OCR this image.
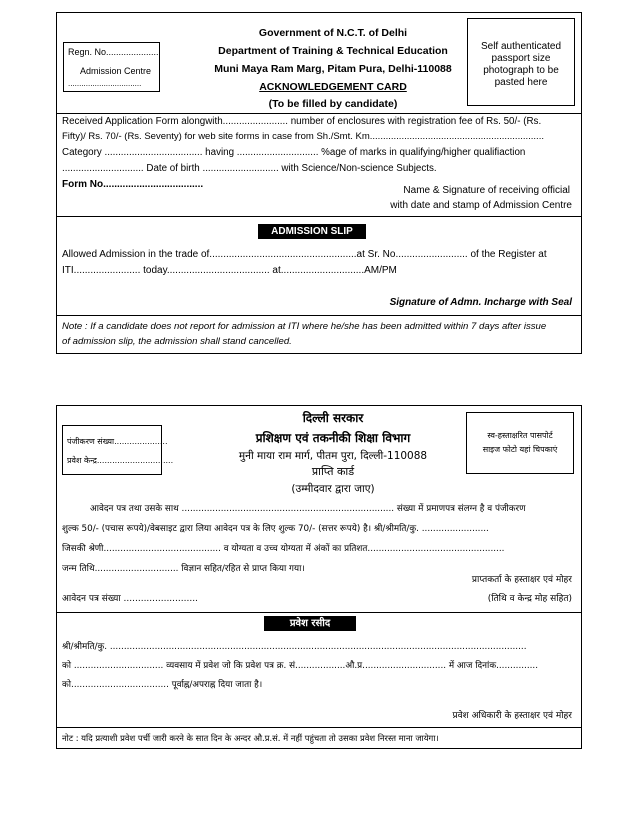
Regn. No.....................
Admission Centre
.................................
Government of N.C.T. of Delhi
Department of Training & Technical Education
Muni Maya Ram Marg, Pitam Pura, Delhi-110088
ACKNOWLEDGEMENT CARD
(To be filled by candidate)
Self authenticated
passport size
photograph to be
pasted here
Received Application Form alongwith........................ number of enclosures with registration fee of Rs. 50/- (Rs.
Fifty)/ Rs. 70/- (Rs. Seventy) for web site forms in case from Sh./Smt. Km..................................................................
Category .................................... having .............................. %age of marks in qualifying/higher qualifiaction
.............................. Date of birth ............................ with Science/Non-science Subjects.
Form No....................................
Name & Signature of receiving official
with date and stamp of Admission Centre
ADMISSION SLIP
Allowed Admission in the trade of.....................................................at Sr. No.......................... of the Register at
ITI........................ today..................................... at..............................AM/PM
Signature of Admn. Incharge with Seal
Note : If a candidate does not report for admission at ITI where he/she has been admitted within 7 days after issue
of admission slip, the admission shall stand cancelled.
पंजीकरण संख्या.....................
प्रवेश केन्द्र..............................
दिल्ली सरकार
प्रशिक्षण एवं तकनीकी शिक्षा विभाग
मुनी माया राम मार्ग, पीतम पुरा, दिल्ली-110088
प्राप्ति कार्ड
(उम्मीदवार द्वारा जाए)
स्व-हस्ताक्षरित पासपोर्ट
साइज फोटो यहां चिपकाएं
आवेदन पत्र तथा उसके साथ ............................................................................ संख्या में प्रमाणपत्र संलग्न है व पंजीकरण
शुल्क 50/- (पचास रूपये)/वेबसाइट द्वारा लिया आवेदन पत्र के लिए शुल्क 70/- (सत्तर रूपये) है। श्री/श्रीमति/कु. ........................
जिसकी श्रेणी.......................................... व योग्यता व उच्च योग्यता में अंकों का प्रतिशत.................................................
जन्म तिथि.............................. विज्ञान सहित/रहित से प्राप्त किया गया।
प्राप्तकर्ता के हस्ताक्षर एवं मोहर
आवेदन पत्र संख्या ..........................	(तिथि व केन्द्र मोह सहित)
प्रवेश रसीद
श्री/श्रीमति/कु. .....................................................................................................................................................
को ................................ व्यवसाय में प्रवेश जो कि प्रवेश पत्र क्र. सं..................औ.प्र.............................. में आज दिनांक...............
को................................... पूर्वाह्न/अपराह्न दिया जाता है।
प्रवेश अधिकारी के हस्ताक्षर एवं मोहर
नोट : यदि प्रत्याशी प्रवेश पर्ची जारी करने के सात दिन के अन्दर औ.प्र.सं. में नहीं पहुंचता तो उसका प्रवेश निरस्त माना जायेगा।
